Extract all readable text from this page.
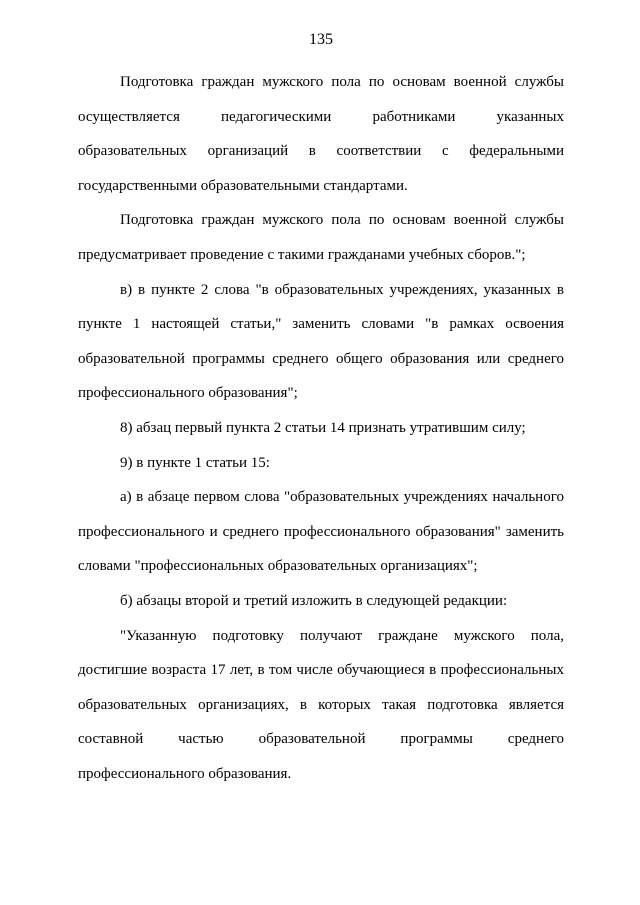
135

Подготовка граждан мужского пола по основам военной службы осуществляется педагогическими работниками указанных образовательных организаций в соответствии с федеральными государственными образовательными стандартами.

Подготовка граждан мужского пола по основам военной службы предусматривает проведение с такими гражданами учебных сборов.";

в) в пункте 2 слова "в образовательных учреждениях, указанных в пункте 1 настоящей статьи," заменить словами "в рамках освоения образовательной программы среднего общего образования или среднего профессионального образования";

8) абзац первый пункта 2 статьи 14 признать утратившим силу;

9) в пункте 1 статьи 15:

а) в абзаце первом слова "образовательных учреждениях начального профессионального и среднего профессионального образования" заменить словами "профессиональных образовательных организациях";

б) абзацы второй и третий изложить в следующей редакции:

"Указанную подготовку получают граждане мужского пола, достигшие возраста 17 лет, в том числе обучающиеся в профессиональных образовательных организациях, в которых такая подготовка является составной частью образовательной программы среднего профессионального образования.
